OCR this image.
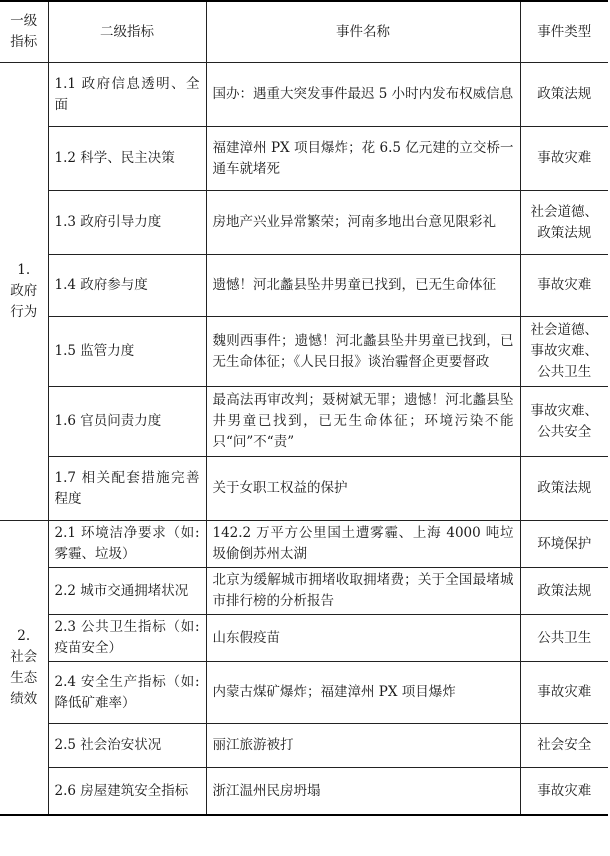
一级指标	二级指标	事件名称	事件类型

1.
政府行为	1.1 政府信息透明、全面	国办：遇重大突发事件最迟 5 小时内发布权威信息	政策法规
	1.2 科学、民主决策	福建漳州 PX 项目爆炸；花 6.5 亿元建的立交桥一通车就堵死	事故灾难
	1.3 政府引导力度	房地产兴业异常繁荣；河南多地出台意见限彩礼	社会道德、政策法规
	1.4 政府参与度	遗憾！河北蠡县坠井男童已找到，已无生命体征	事故灾难
	1.5 监管力度	魏则西事件；遗憾！河北蠡县坠井男童已找到，已无生命体征；《人民日报》谈治霾督企更要督政	社会道德、事故灾难、公共卫生
	1.6 官员问责力度	最高法再审改判；聂树斌无罪；遗憾！河北蠡县坠井男童已找到，已无生命体征；环境污染不能只“问”不“责”	事故灾难、公共安全
	1.7 相关配套措施完善程度	关于女职工权益的保护	政策法规

2.
社会生态绩效	2.1 环境洁净要求（如:雾霾、垃圾）	142.2 万平方公里国土遭雾霾、上海 4000 吨垃圾偷倒苏州太湖	环境保护
	2.2 城市交通拥堵状况	北京为缓解城市拥堵收取拥堵费；关于全国最堵城市排行榜的分析报告	政策法规
	2.3 公共卫生指标（如:疫苗安全）	山东假疫苗	公共卫生
	2.4 安全生产指标（如:降低矿难率）	内蒙古煤矿爆炸；福建漳州 PX 项目爆炸	事故灾难
	2.5 社会治安状况	丽江旅游被打	社会安全
	2.6 房屋建筑安全指标	浙江温州民房坍塌	事故灾难
